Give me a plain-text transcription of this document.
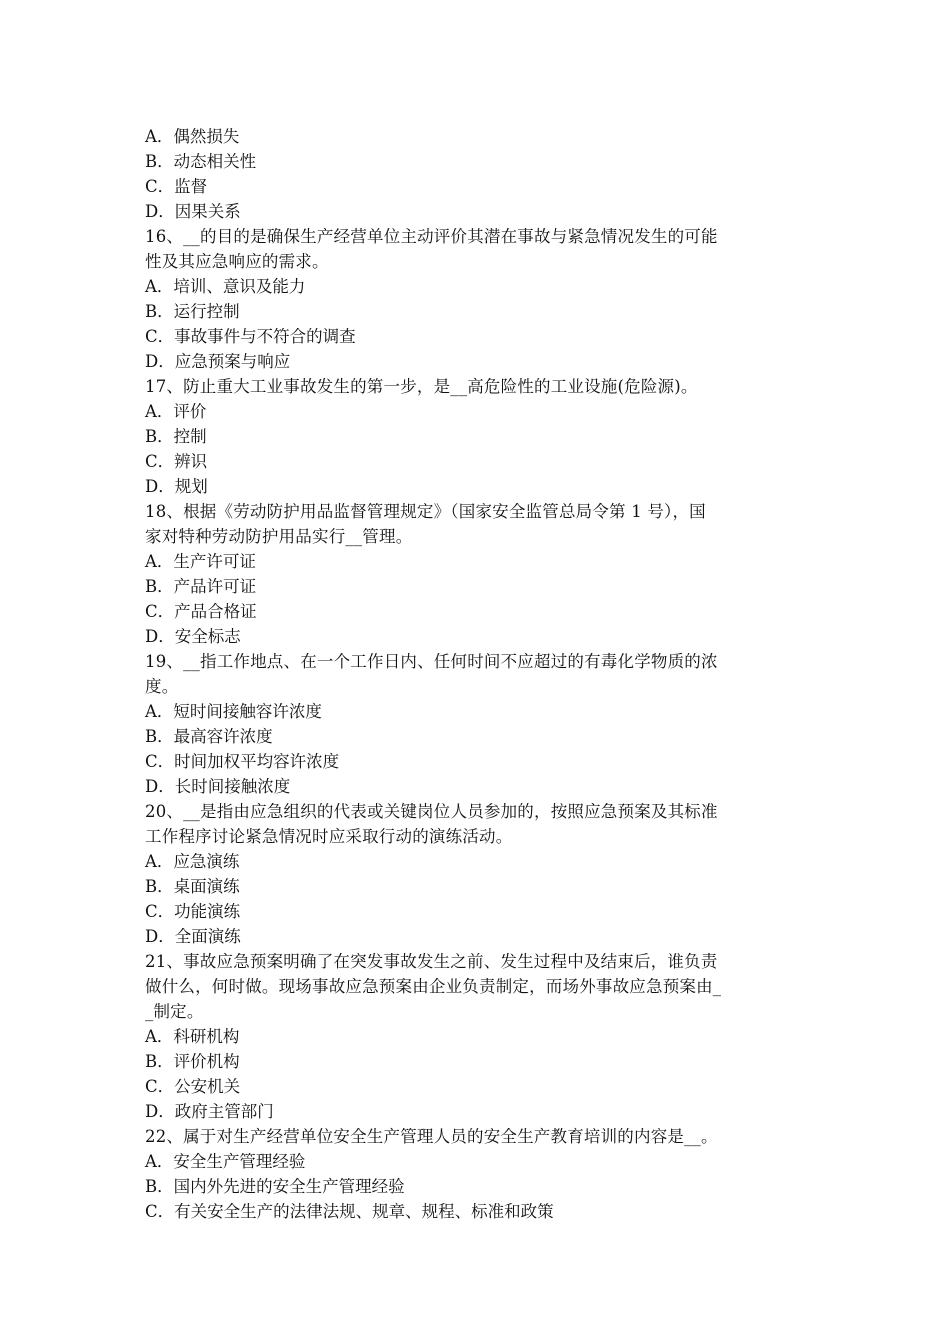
A．偶然损失
B．动态相关性
C．监督
D．因果关系
16、__的目的是确保生产经营单位主动评价其潜在事故与紧急情况发生的可能
性及其应急响应的需求。
A．培训、意识及能力
B．运行控制
C．事故事件与不符合的调查
D．应急预案与响应
17、防止重大工业事故发生的第一步，是__高危险性的工业设施(危险源)。
A．评价
B．控制
C．辨识
D．规划
18、根据《劳动防护用品监督管理规定》（国家安全监管总局令第 1 号），国
家对特种劳动防护用品实行__管理。
A．生产许可证
B．产品许可证
C．产品合格证
D．安全标志
19、__指工作地点、在一个工作日内、任何时间不应超过的有毒化学物质的浓
度。
A．短时间接触容许浓度
B．最高容许浓度
C．时间加权平均容许浓度
D．长时间接触浓度
20、__是指由应急组织的代表或关键岗位人员参加的，按照应急预案及其标准
工作程序讨论紧急情况时应采取行动的演练活动。
A．应急演练
B．桌面演练
C．功能演练
D．全面演练
21、事故应急预案明确了在突发事故发生之前、发生过程中及结束后，谁负责
做什么，何时做。现场事故应急预案由企业负责制定，而场外事故应急预案由_
_制定。
A．科研机构
B．评价机构
C．公安机关
D．政府主管部门
22、属于对生产经营单位安全生产管理人员的安全生产教育培训的内容是__。
A．安全生产管理经验
B．国内外先进的安全生产管理经验
C．有关安全生产的法律法规、规章、规程、标准和政策
